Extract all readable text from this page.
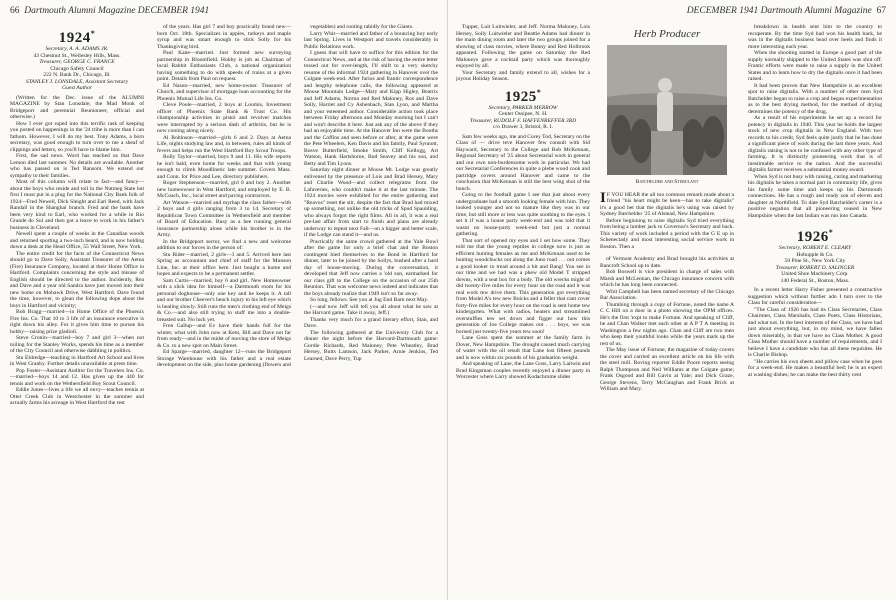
66 Dartmouth Alumni Magazine DECEMBER 1941
1924*
Secretary, A. A. ADAMS JR.
43 Chestnut St., Wellesley Hills, Mass.
Treasurer, GEORGE C. FRANCE
Chicago Safety Council
222 N. Bank Dr., Chicago, Ill.
STANLEY J. LONSDALE, Assistant Secretary
Guest Author

(Written for the Dec. issue of the ALUMNI MAGAZINE by Stan Lonsdale, the Mad Monk of Bridgeport and perennial Reunioneer, official and otherwise.)

How I ever got roped into this terrific task of keeping you posted on happenings in the '24 tribe is more than I can fathom. However, I will do my best. Tony Adams, a born secretary, was good enough to turn over to me a sheaf of clippings and letters, so you'll have to blame him.

First, the sad news. Word has reached us that Dave Lemon died last summer. No details are available. Another who has passed on is Ted Ransom. We extend our sympathy to their families.

Most of this column will relate to fact—and fancy—about the boys who reside and toil in the Nutmeg State but first I must put in a plug for the National City Bank folk of 1924—Fred Newell, Dick Sleight and Earl Reed, with Jack Randall in the Shanghai branch. Fred and the bank have been very kind to Earl, who worked for a while in Rio Grande do Sul and then got a leave to work in his father's business in Cleveland.

Newell spent a couple of weeks in the Canadian woods and returned sporting a two-inch beard, and is now holding down a desk at the Head Office, 55 Wall Street, New York.

The entire credit for the facts of the Connecticut News should go to Dave Solly, Assistant Treasurer of the Aetna (Fire) Insurance Company, located at their Home Office in Hartford. Complaints concerning the style and misuse of English should be directed to the author. Incidently, Rea and Dave and a year old Sandra have just moved into their new home on Mohawk Drive, West Hartford. Dave found the time, however, to glean the following dope about the boys in Hartford and vicinity;

Bob Bragg—married—in Home Office of the Phoenix Fire Ins. Co. That 10 to 3 life of an insurance executive is right down his alley. For it gives him time to pursue his hobby—raising prize gladioli.

Steve Cronin—married—boy 7 and girl 3—when not toiling for the Stanley Works, spends his time as a member of the City Council and otherwise dabbling in politics.

Stu Eldredge—teaching in Hartford Art School and lives in West Granby. Further details unavailable at press time.

Pop Foster—Assistant Auditor for the Travelers Ins. Co.—married—boys 14 and 12. Has given up the 440 for tennis and work on the Wethersfield Boy Scout Council.

Eddie Jones—lives a life we all envy—teaches tennis at Otter Creek Club in Westchester in the summer and actually farms his acreage in West Hartford the rest

of the years. Has girl 7 and boy practically brand new—born Oct. 18th. Specializes in apples, turkeys and maple syrup and was smart enough to stick Solly for his Thanksgiving bird.

Paul Kane—married. Just formed new surveying partnership in Bloomfield. Hobby is job as Chairman of local Rabbit Enthusiasts Club, a national organization having something to do with speeds of trains at a given point. Details from Paul on request.

Ed Nason—married, new home-owner. Treasurer of Church, and supervisor of mortgage loan accounting for the Phoenix Mutual Life Ins. Co.

Cleve Poole—married, 2 boys at Loomis, Investment officer of Phoenix State Bank & Trust Co. His championship activities in pistol and revolver matches were interrupted by a serious dash of arthritis, but he is now coming along nicely.

Al Robinson—married—girls 6 and 2. Days at Aetna Life, nights studying law and, in between, rules all kinds of fevers and helps run the West Hartford Boy Scout Troops.

Rolly Taylor—married, boys 9 and 11. His wife reports he isn't bald, even home for weeks and that with young enough to climb Moodlinetic late summer. Covers Mass. and Conn. for Price and Lee, directory publishers.

Roger Stephenson—married, girl 8 and boy 2. Another new homeowner in West Hartford, and employed by E. B. McCoach, Inc., local street and paving contractors.

Art Watson—married and myrhap the class father—with 2 boys and 4 girls ranging from 3 to 14. Secretary of Republican Town Committee in Wethersfield and member of Board of Education. Busy as a bee running general insurance partnership alone while his brother is in the Army.

In the Bridgeport sector, we find a new and welcome addition to our forces in the person of:

Stu Rider—married, 2 girls—3 and 5. Arrived here last Spring as accountant and chief of staff for the Munson Line, Inc. at their office here. Just bought a home and hopes and expects to be a permanent settler.

Sam Curtis—married, boy 6 and girl. New Homeowner with a slick idea for himself—a Dartmouth room for his personal doghouse—only one key and he keeps it. A tall and our brother Cheever's bench injury to his left eye which is healing slowly. Still runs the men's clothing end of Meigs & Co.—and also still trying to stuff me into a double-breasted suit. No luck yet.

Fren Gallup—and Ev have their hands full for the winter, what with John now at Kent, Bill and Dave not far from ready—and in the midst of moving the store of Meigs & Co. to a new spot on Main Street.

Ed Sparge—married, daughter 12—runs the Bridgeport Storage Warehouse with his father and a real estate development on the side, plus home gardening (flowers and

vegetables) and rooting rabidly for the Giants.

Larry Whit—married and father of a bouncing boy early last Spring. Lives in Westport and travels considerably in Public Relations work.

I guess that will have to suffice for this edition for the Connecticut News, and at the risk of having the entire letter tossed out for over-length, I'll shift to a very sketchy resume of the informal 1924 gathering in Hanover over the Colgate week-end. After furios and frantic correspondence and lengthy telephone calls, the following appeared at Moose Mountain Lodge—Mary and Kipp Higley, Beatrix and Jeff Adams, Norma and Red Maloney, Ros and Dave Solly, Harriet and Cy Ashenbach, Stan Lyon, and Martha and your esteemed author. Considerable action took place between Friday afternoon and Monday morning but I can't and won't describe it here. Just ask any of the above if they had an enjoyable time. At the Hanover Inn were the Booths and the Coffins and seen before or after, at the game were the Pete Wheelers, Ken Davis and his family, Paul Synnott, Bosve Butterfield, Smoke Smith, Cliff Kellogg, Art Watson, Hank Hartshorne, Bud Seavey and his son, and Betty and Tim Lyons.

Saturday night dinner at Moose Mt. Lodge was greatly enlivened by the presence of Lois and Brad Hersey, Mary and Charlie Wood—and collect telegrams from the Lafaveries, who couldn't make it at the last minute. The 1924 movies were exhibited for the entire gathering and "Reavos" reset the stir, despite the fact that Brad had mixed up something, not unlike the old tricks of Spud Spaulding, who always forgot the right films. All in all, it was a real pre-last affair from start to finish and plans are already underway to repeat next Fall—on a bigger and better scale, if the Lodge can stand it—and us.

Practically the same crowd gathered at the Yale Bowl after the game for only a brief chat and the Boston contingent hied themselves to the Bond in Hartford for dinner, later to be joined by the Sollys, bushed after a hard day of house-moving. During the conversation, it developed that Jeff now carries a 'old sun, earmarked for our class gift to the College on the occasion of our 25th Reunion. That was welcome news indeed and indicates that the boys already realize that 1949 isn't so far away.

So long, fellows. See you at Jug End Barn next May.

(—and now Jeff will tell you all about what he saw at the Harvard game. Take it away, Jeff.)

Thanks very much for a grand literary effort, Stan, and Dave.

The following gathered at the University Club for a dinner the night before the Harvard-Dartmouth game: Gordie Richards, Red Maloney, Pete Wheatley, Brad Hersey, Butts Lamson, Jack Parker, Arnie Jenkins, Ted Learned, Dave Perry, Tup

DECEMBER 1941 Dartmouth Alumni Magazine 67

Tupper, Luit Luitwieler, and Jeff. Norma Maloney, Lois Hersey, Solly Luitwieler and Beattie Adams had dinner in the main dining room and later the two groups joined for a showing of class movies, where Bunny and Red Holbrook appeared. Following the game on Saturday the Red Maloneys gave a cocktail party which was thoroughly enjoyed by all.

Your Secretary and family extend to all, wishes for a joyous Holiday Season.

1925*
Secretary, PARKER MERROW
Center Ossipee, N. H.
Treasurer, RUDOLF F. HAFFENREFFER 3RD
c/o Drawer 3, Bristol, R. I.

Sam few weeks ago, me and Corey Tod, Secretary on the Class of — drive teve Hanover few consult with Sid Hayward, Secretary to the College and Bob McKennan, Regional Secretary of '25 about Secretarial work in general and our own non-burdensome work in particular. We had our Secretarial Conferences in quite a plebe wood cook and partridge covers around Hanover and came to the conclusion that McKennan is still the best wing shot of the bunch.

Going to the football game I see that just about every undergraduate had a smooth looking female with him. They looked younger and not so mature like they was in our time, but still more or less was quite soothing to the eyes. I set it if was a house party week-end and was told that it wasnt no house-party week-end but just a normal gathering.

That sort of opened my eyes and I set how some. They told me that the young reptiles in college now is just as efficient hunting females as me and McKennan used to be hunting woodchucks out along the Juno road . . . out comes a good looker to tread around a bit and Bang! You see in our time and we had was a phew old Model T stripped downs, with a seat box for a body. The old wrecks might of did twenty-five miles for every hour on the road and it was real work tew drive them. This generation got everything from Model A's tew new Buicks and a feller that cant cover forty-five miles for every hour on the road is sent home tew kindergarten. What with radios, heaters and streamlined overstuffies tew set down and figger out how this generation of Joe College makes out . . . boys, we was borned just twenty-five years tew soon!

Lane Goss spent the summer at the family farm in Dover, New Hampshire. The drought caused much carrying of water with the oil result that Lane lost fifteen pounds and is now within six pounds of his graduation weight.

And speaking of Lane, the Lane Goss, Larry Laitwin and Brad Kingsman couples recently enjoyed a dinner party in Worcester where Larry showed Kodachrome slides

Herb Producer
Batchelder and Stimulant

I F YOU HEAR the all too common remark made about a friend "his heart might be keen—has to take digitalis" it's a good bet that the digitalis he's using was raised by Sydney Batchelder '25 of Alstead, New Hampshire.

Before beginning to raise digitalis Syd tried everything from being a lumber jack to Governor's Secretary and back. This variety of work included a period with the G E up in Schenectady and most interesting social service work in Boston. Then a

of Vermont Academy and Brad brought his activities at Bancroft School up to date.

Bob Boswell is vice president in charge of sales with Marsh and McLennan, the Chicago insurance concern with which he has long been connected.

Whit Campbell has been named secretary of the Chicago Bar Association.

Thumbing through a copy of Fortune, noted the name A C C Hill on a door in a photo showing the OPM offices. He's the first 'expt to make Fortune. And speaking of Cliff, he and Chan Walker met each other at A P T A meeting in Washington a few nights ago. Chan and Cliff are two men who keep their youthful looks while the years mark up the rest of us.

The May issue of Fortune, the magazine of today covers the cover and carried an excellent article on his life with the steel mill. Roving reporter Eddie Poore reports seeing Ralph Thompson and Neil Williams at the Colgate game; Frank Osgood and Bill Gavin at Yale; and Dick Graze, George Stevens, Terry McGaughan and Frank Brick at William and Mary.

breakdown in health sent him to the country to recuperate. By the time Syd had won his health back, he was in the digitalis business head over heels and finds it more interesting each year.

When the shooting started in Europe a good part of the supply normally shipped to the United States was shut off. Frantic efforts were made to raise a supply in the United States and to learn how to dry the digitalis once it had been raised.

It had been proven that New Hampshire is an excellent spot to raise digitalis. With a number of other men Syd Batchelder began to raise a crop and began experimentation as to the best drying method, for the method of drying determines the potency of the drug.

As a result of his experiments he set up a record for potency in digitalis in 1940. This year he holds the largest stock of new crop digitalis in New England. With two records to his credit, Syd feels quite justly that he has done a significant piece of work during the last three years. And digitalis raising is not to be confused with any other type of farming. It is distinctly pioneering work that is of inestimable service to the nation. And the successful digitalis farmer receives a substantial money award.

When Syd is not busy with raising, curing and marketing his digitalis he takes a normal part in community life, gives his family some time and keeps up his Dartmouth connections. He has a rough and ready son of eleven and daughter at Northfield. To date Syd Batchelder's career is a positive negation that all pioneering ceased in New Hampshire when the last Indian was run into Canada.

1926*
Secretary, ROBERT E. CLEARY
Hobupple & Co.
50 Pine St., New York City
Treasurer, ROBERT D. SALINGER
United Shoe Machinery Corp.
140 Federal St., Boston, Mass.

In a recent letter Harry Fisher presented a constructive suggestion which without further ado I turn over to the Class for careful consideration—

"The Class of 1926 has had its Class Secretaries, Class Chairmen, Class Marshalls, Class Poets, Class Historians, and what not. In the best interests of the Class, we have had just about everything, but, in my mind, we have fallen down miserably, in that we have no Class Mother. A good Class Mother should have a number of requirements, and I believe I have a candidate who has all these requisites. He is Charlie Bishop.

"He carries his own sheets and pillow case when he goes for a week-end. He makes a beautiful bed; he is an expert at washing dishes; he can make the best thirty cent
